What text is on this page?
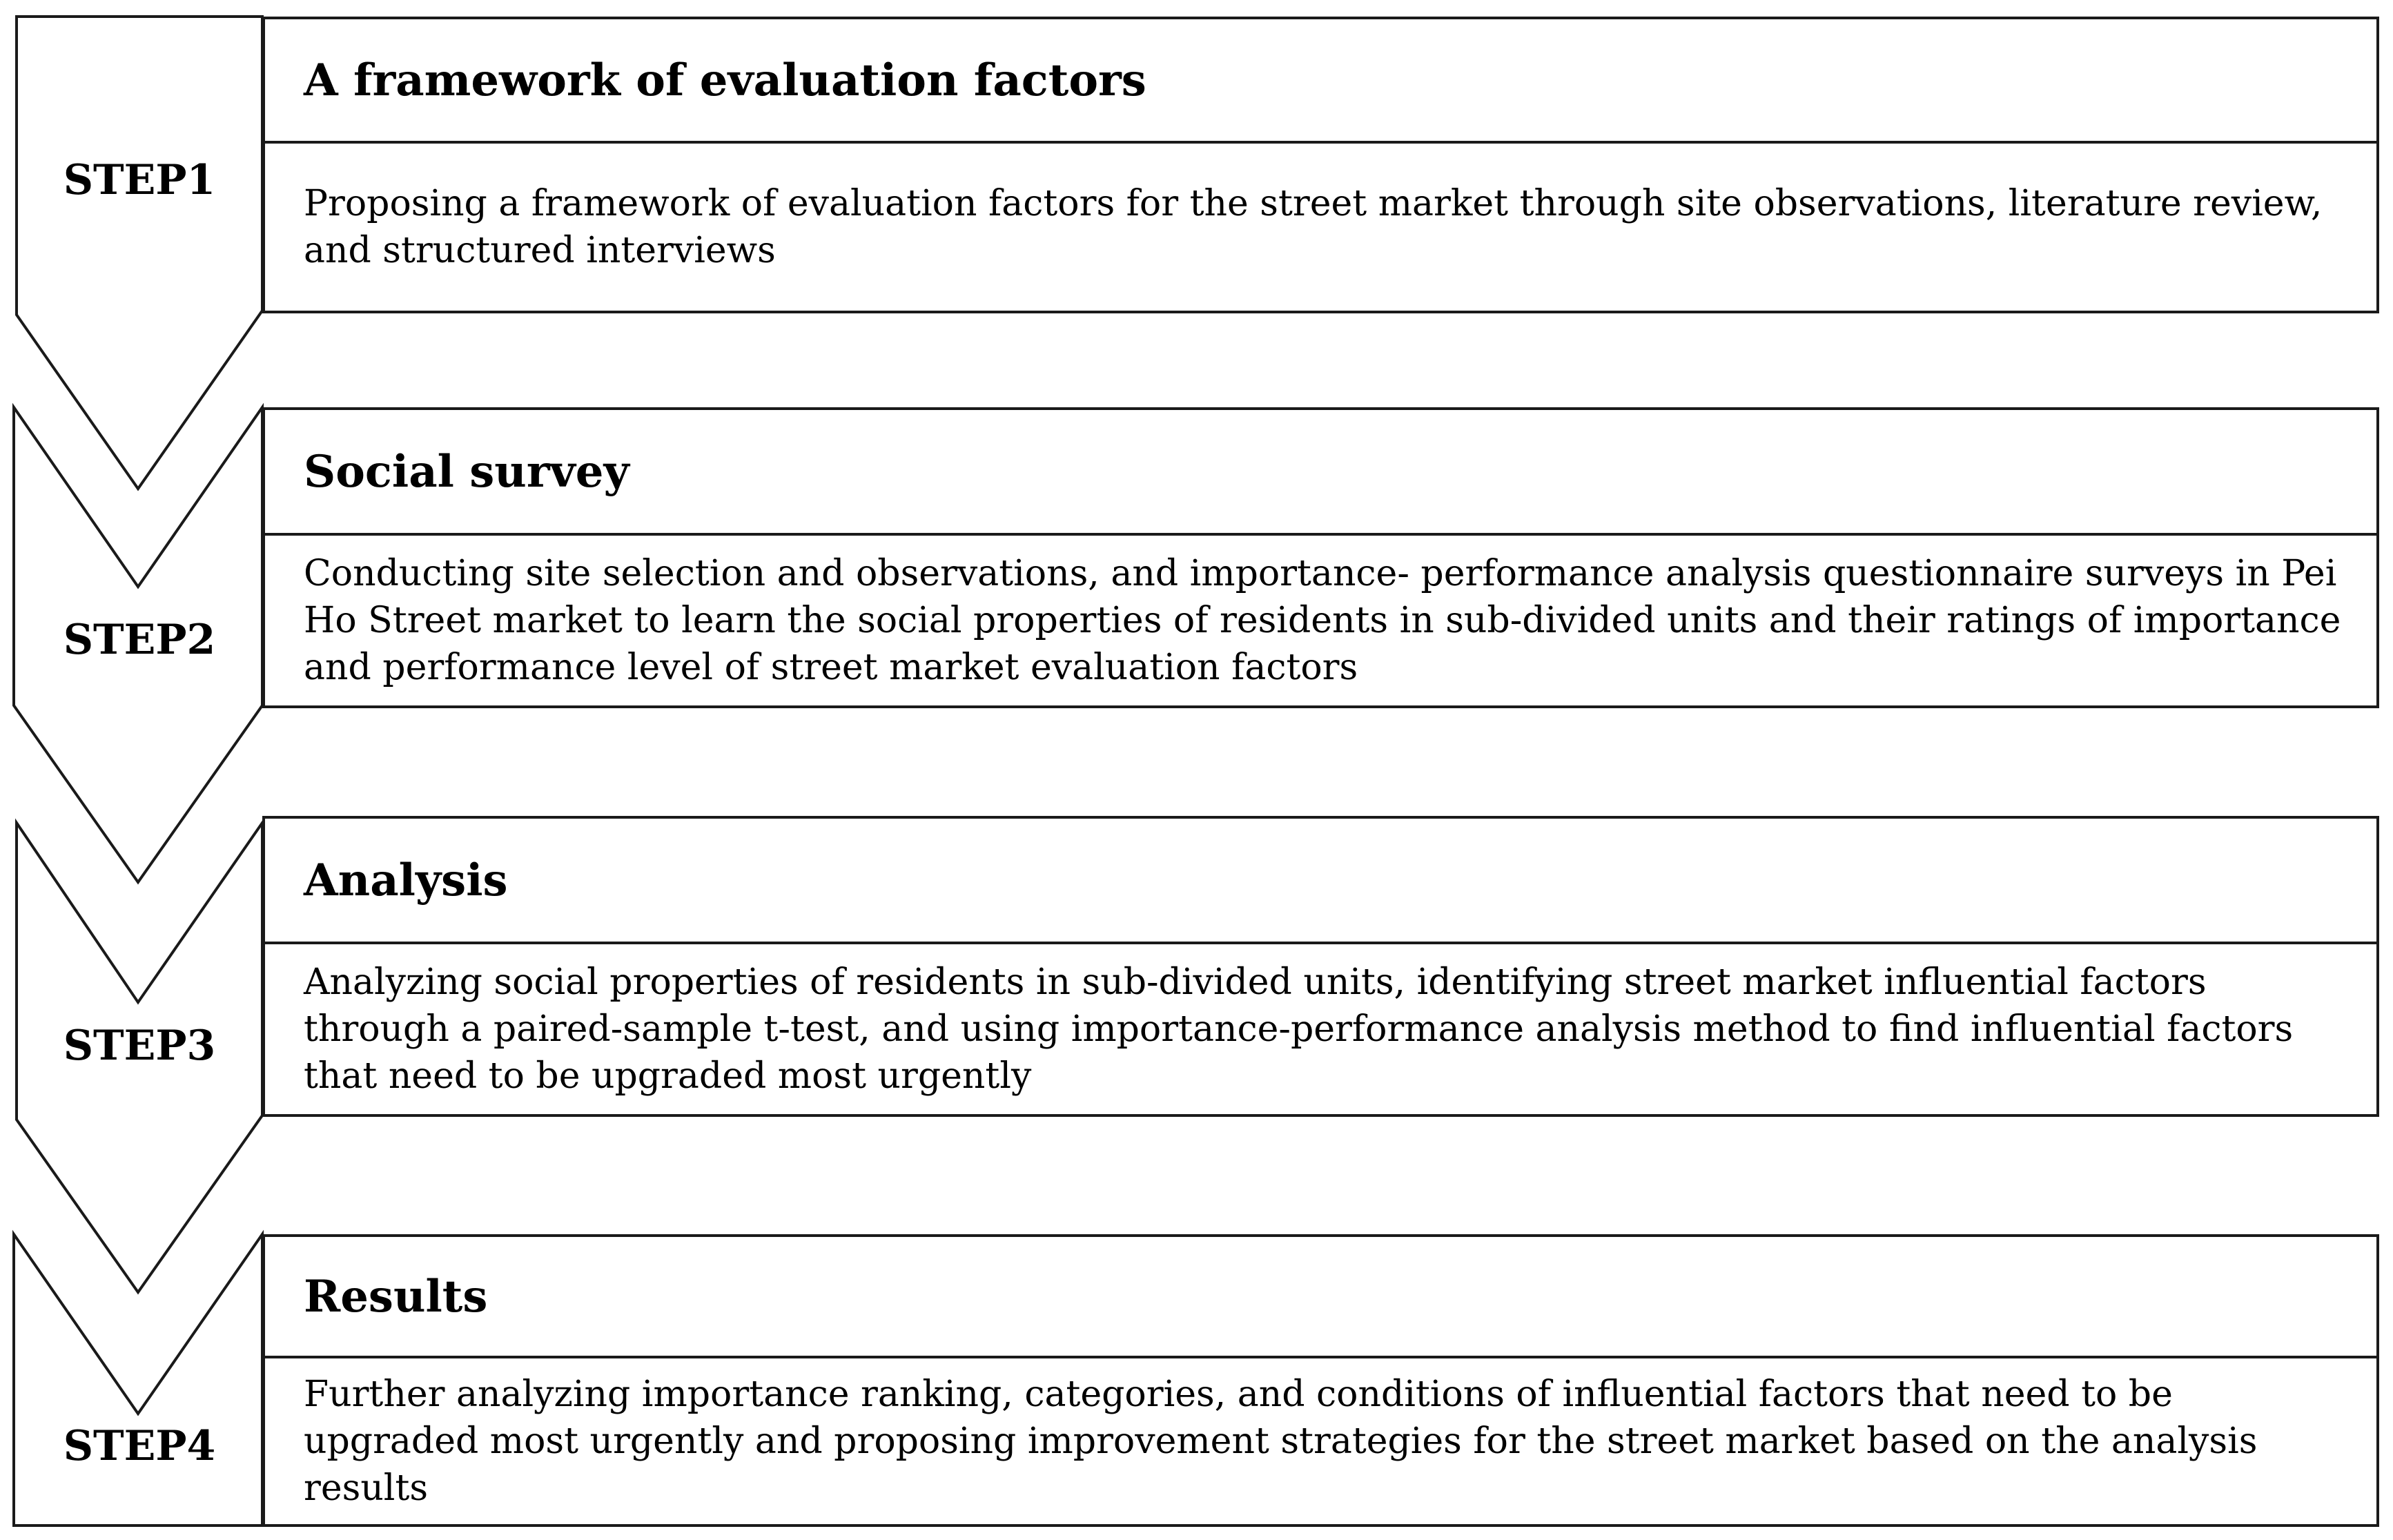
STEP1

STEP2

STEP3

STEP4

A framework of evaluation factors
Proposing a framework of evaluation factors for the street market through site observations, literature review, and structured interviews
Social survey
Conducting site selection and observations, and importance- performance analysis questionnaire surveys in Pei Ho Street market to learn the social properties of residents in sub-divided units and their ratings of importance and performance level of street market evaluation factors
Analysis
Analyzing social properties of residents in sub-divided units, identifying street market influential factors through a paired-sample t-test, and using importance-performance analysis method to find influential factors that need to be upgraded most urgently
Results
Further analyzing importance ranking, categories, and conditions of influential factors that need to be upgraded most urgently and proposing improvement strategies for the street market based on the analysis results
